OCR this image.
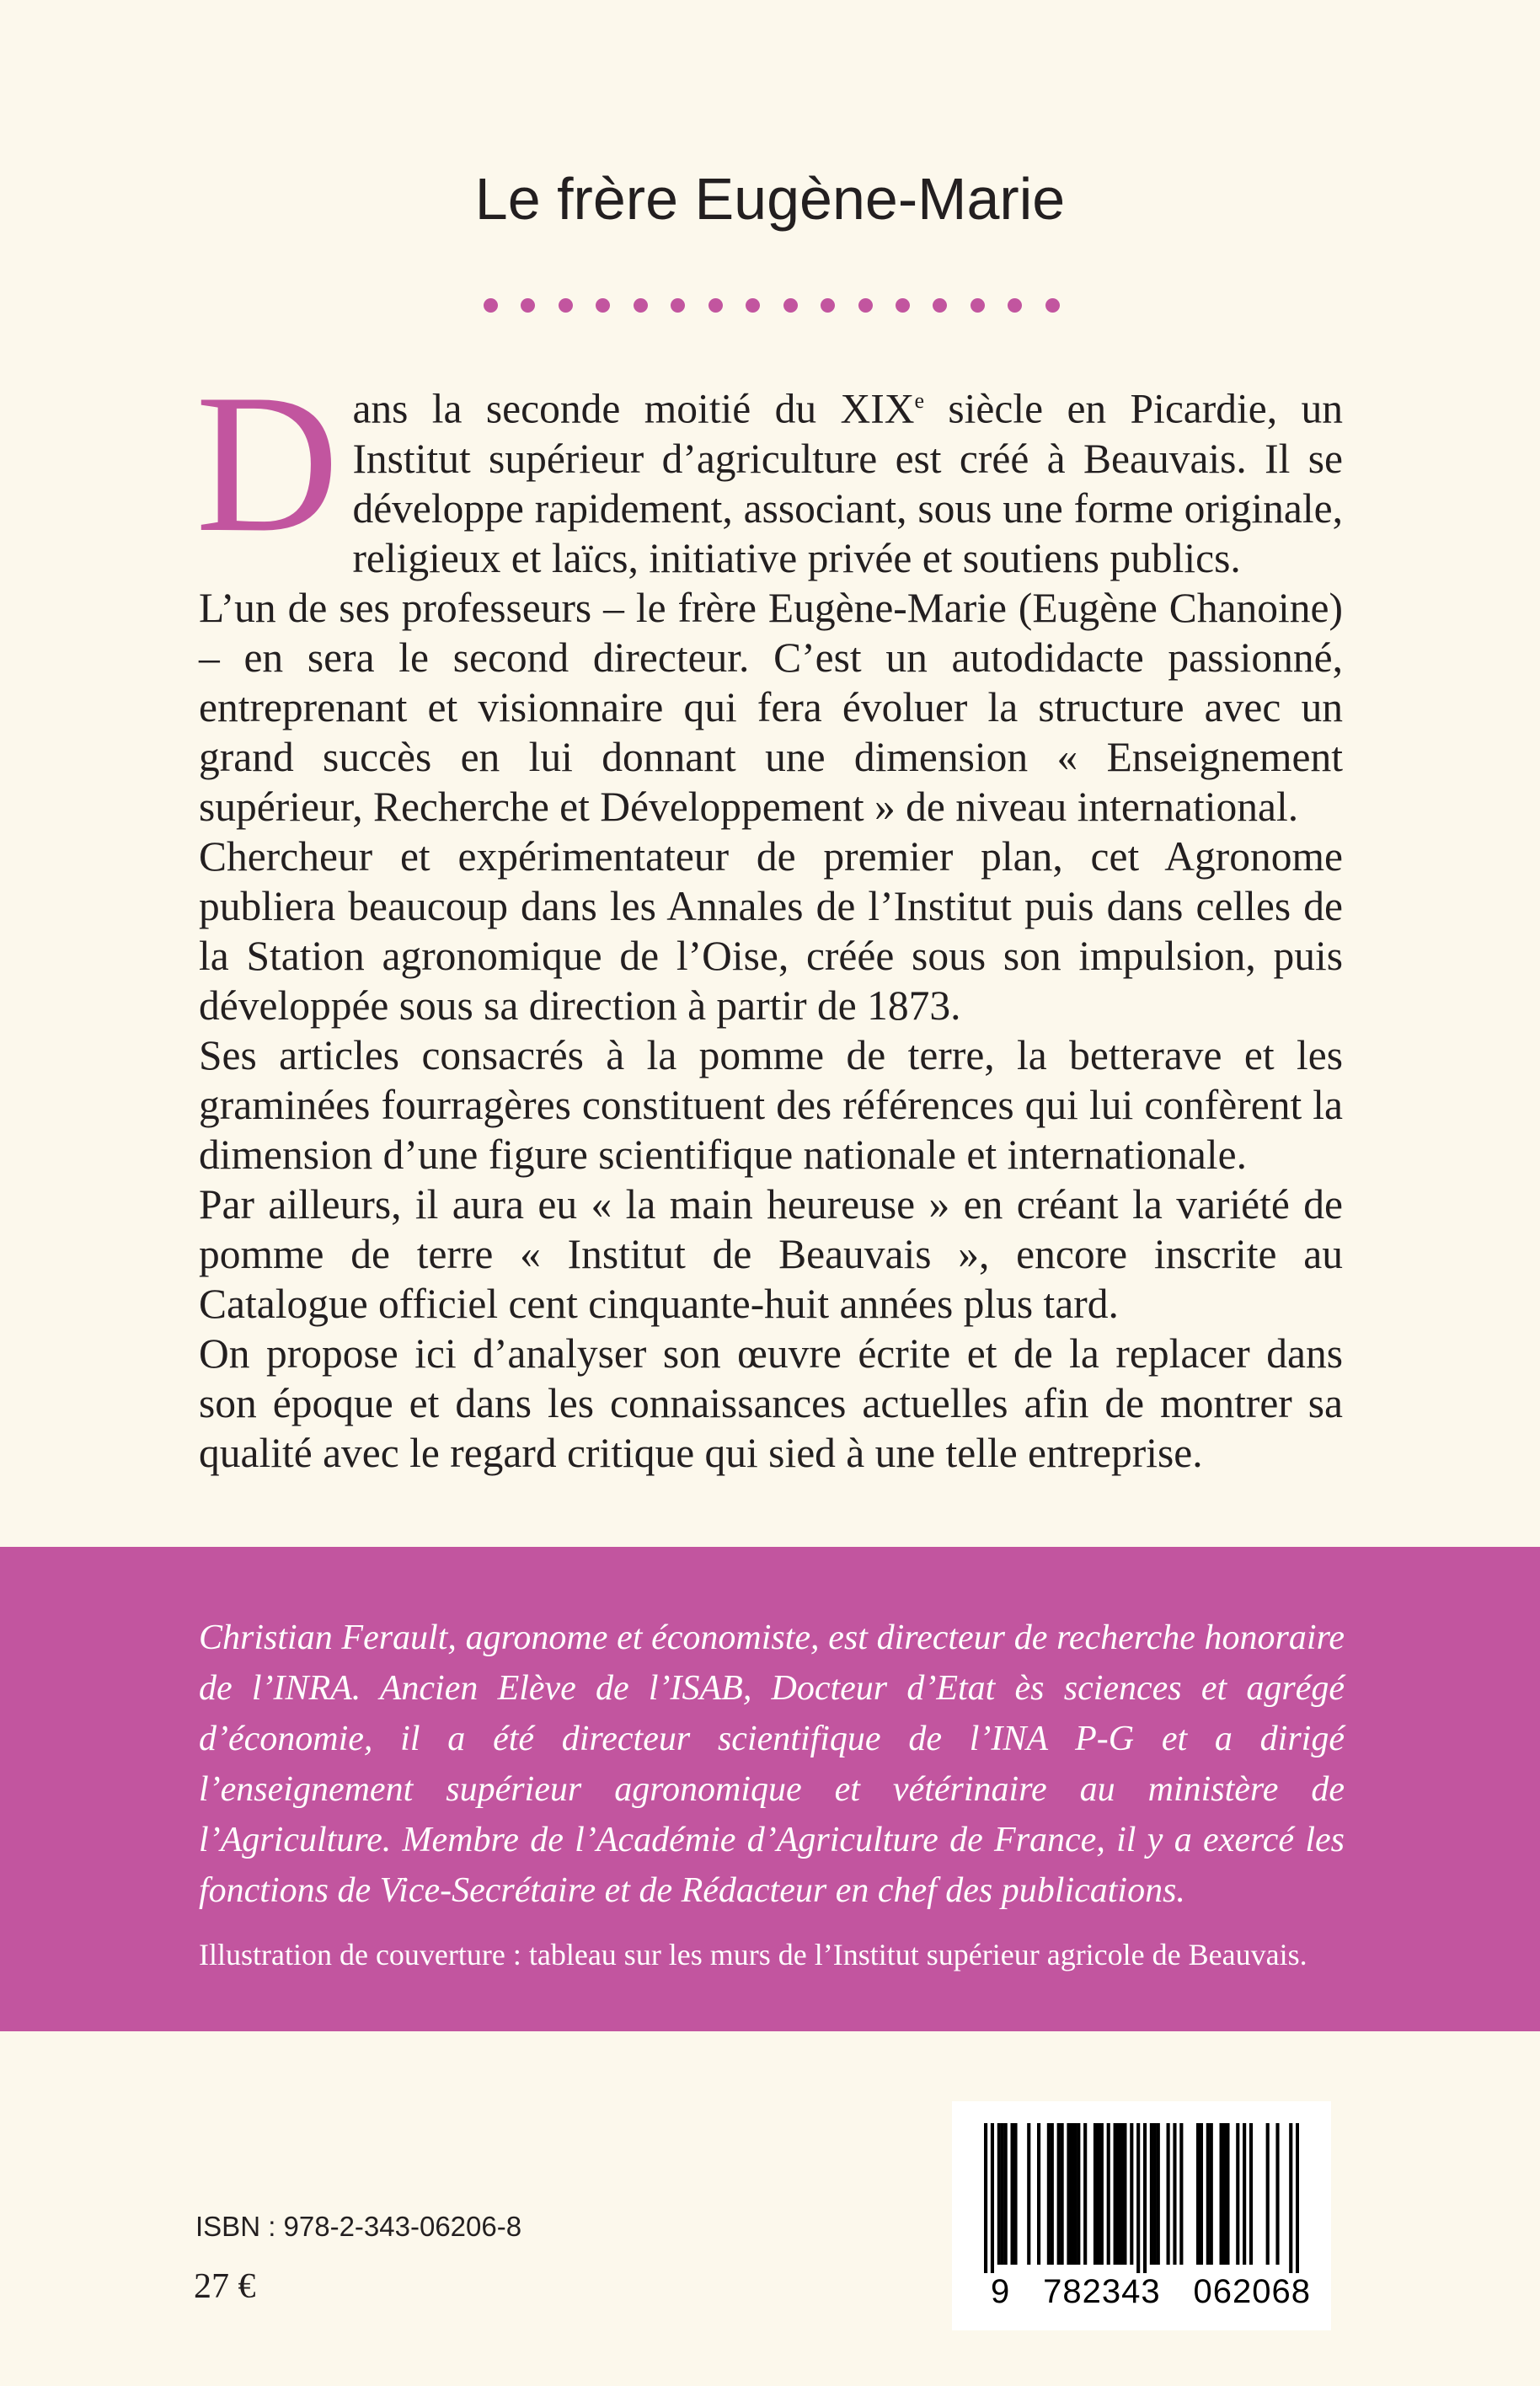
Le frère Eugène-Marie

Dans la seconde moitié du XIXe siècle en Picardie, un Institut supérieur d’agriculture est créé à Beauvais. Il se développe rapidement, associant, sous une forme originale, religieux et laïcs, initiative privée et soutiens publics.

L’un de ses professeurs – le frère Eugène-Marie (Eugène Chanoine) – en sera le second directeur. C’est un autodidacte passionné, entreprenant et visionnaire qui fera évoluer la structure avec un grand succès en lui donnant une dimension « Enseignement supérieur, Recherche et Développement » de niveau international.

Chercheur et expérimentateur de premier plan, cet Agronome publiera beaucoup dans les Annales de l’Institut puis dans celles de la Station agronomique de l’Oise, créée sous son impulsion, puis développée sous sa direction à partir de 1873.

Ses articles consacrés à la pomme de terre, la betterave et les graminées fourragères constituent des références qui lui confèrent la dimension d’une figure scientifique nationale et internationale.

Par ailleurs, il aura eu « la main heureuse » en créant la variété de pomme de terre « Institut de Beauvais », encore inscrite au Catalogue officiel cent cinquante-huit années plus tard.

On propose ici d’analyser son œuvre écrite et de la replacer dans son époque et dans les connaissances actuelles afin de montrer sa qualité avec le regard critique qui sied à une telle entreprise.

Christian Ferault, agronome et économiste, est directeur de recherche honoraire de l’INRA. Ancien Elève de l’ISAB, Docteur d’Etat ès sciences et agrégé d’économie, il a été directeur scientifique de l’INA P-G et a dirigé l’enseignement supérieur agronomique et vétérinaire au ministère de l’Agriculture. Membre de l’Académie d’Agriculture de France, il y a exercé les fonctions de Vice-Secrétaire et de Rédacteur en chef des publications.

Illustration de couverture : tableau sur les murs de l’Institut supérieur agricole de Beauvais.

ISBN : 978-2-343-06206-8
27 €	9 782343 062068
